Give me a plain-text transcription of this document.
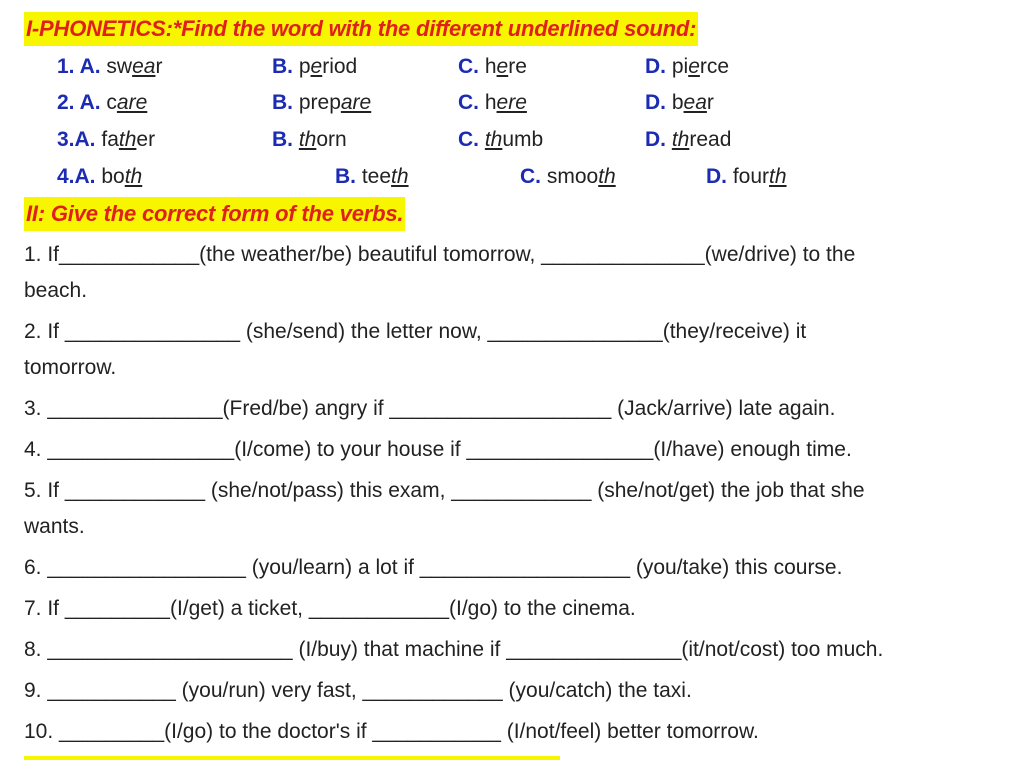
I-PHONETICS:*Find the word with the different underlined sound:
1. A. swear	B. period	C. here	D. pierce
2. A. care	B. prepare	C. here	D. bear
3.A. father	B. thorn	C. thumb	D. thread
4.A. both	B. teeth	C. smooth	D. fourth
II: Give the correct form of the verbs.
1. If____________(the weather/be) beautiful tomorrow, ______________(we/drive) to the
beach.
2. If _______________ (she/send) the letter now, _______________(they/receive) it
tomorrow.
3. _______________(Fred/be) angry if ___________________ (Jack/arrive) late again.
4. ________________(I/come) to your house if ________________(I/have) enough time.
5. If ____________ (she/not/pass) this exam, ____________ (she/not/get) the job that she
wants.
6. _________________ (you/learn) a lot if __________________ (you/take) this course.
7. If _________(I/get) a ticket, ____________(I/go) to the cinema.
8. _____________________ (I/buy) that machine if _______________(it/not/cost) too much.
9. ___________ (you/run) very fast, ____________ (you/catch) the taxi.
10. _________(I/go) to the doctor's if ___________ (I/not/feel) better tomorrow.
